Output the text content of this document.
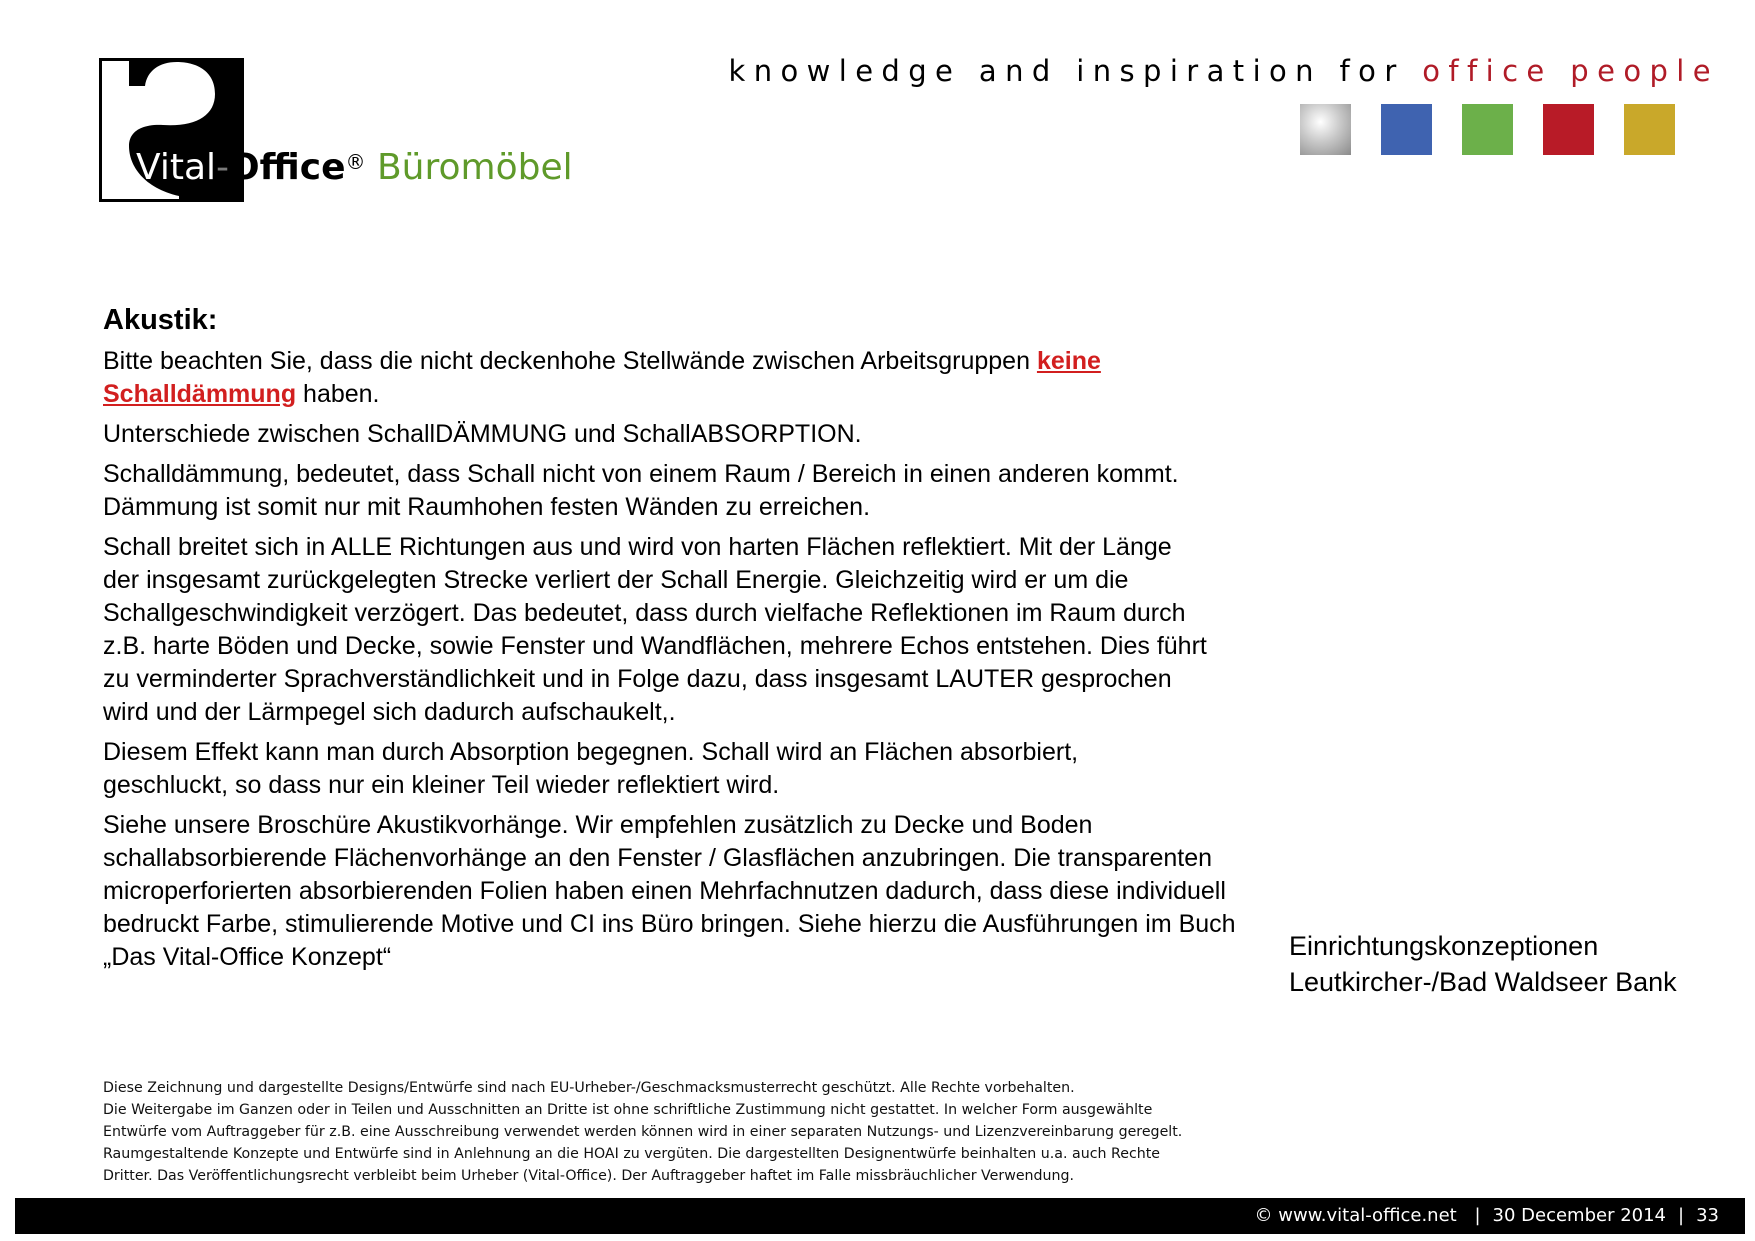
Vital-Office® Büromöbel
knowledge and inspiration for office people
Akustik:

Bitte beachten Sie, dass die nicht deckenhohe Stellwände zwischen Arbeitsgruppen keine
Schalldämmung haben.

Unterschiede zwischen SchallDÄMMUNG und SchallABSORPTION.

Schalldämmung, bedeutet, dass Schall nicht von einem Raum / Bereich in einen anderen kommt. Dämmung ist somit nur mit Raumhohen festen Wänden zu erreichen.

Schall breitet sich in ALLE Richtungen aus und wird von harten Flächen reflektiert. Mit der Länge der insgesamt zurückgelegten Strecke verliert der Schall Energie. Gleichzeitig wird er um die Schallgeschwindigkeit verzögert. Das bedeutet, dass durch vielfache Reflektionen im Raum durch z.B. harte Böden und Decke, sowie Fenster und Wandflächen, mehrere Echos entstehen. Dies führt zu verminderter Sprachverständlichkeit und in Folge dazu, dass insgesamt LAUTER gesprochen wird und der Lärmpegel sich dadurch aufschaukelt,.

Diesem Effekt kann man durch Absorption begegnen. Schall wird an Flächen absorbiert, geschluckt, so dass nur ein kleiner Teil wieder reflektiert wird.

Siehe unsere Broschüre Akustikvorhänge. Wir empfehlen zusätzlich zu Decke und Boden schallabsorbierende Flächenvorhänge an den Fenster / Glasflächen anzubringen. Die transparenten microperforierten absorbierenden Folien haben einen Mehrfachnutzen dadurch, dass diese individuell bedruckt Farbe, stimulierende Motive und CI ins Büro bringen. Siehe hierzu die Ausführungen im Buch „Das Vital-Office Konzept“	Einrichtungskonzeptionen
Leutkircher-/Bad Waldseer Bank
Diese Zeichnung und dargestellte Designs/Entwürfe sind nach EU-Urheber-/Geschmacksmusterrecht geschützt. Alle Rechte vorbehalten.
Die Weitergabe im Ganzen oder in Teilen und Ausschnitten an Dritte ist ohne schriftliche Zustimmung nicht gestattet. In welcher Form ausgewählte
Entwürfe vom Auftraggeber für z.B. eine Ausschreibung verwendet werden können wird in einer separaten Nutzungs- und Lizenzvereinbarung geregelt.
Raumgestaltende Konzepte und Entwürfe sind in Anlehnung an die HOAI zu vergüten. Die dargestellten Designentwürfe beinhalten u.a. auch Rechte
Dritter. Das Veröffentlichungsrecht verbleibt beim Urheber (Vital-Office). Der Auftraggeber haftet im Falle missbräuchlicher Verwendung.
© www.vital-office.net | 30 December 2014 | 33
